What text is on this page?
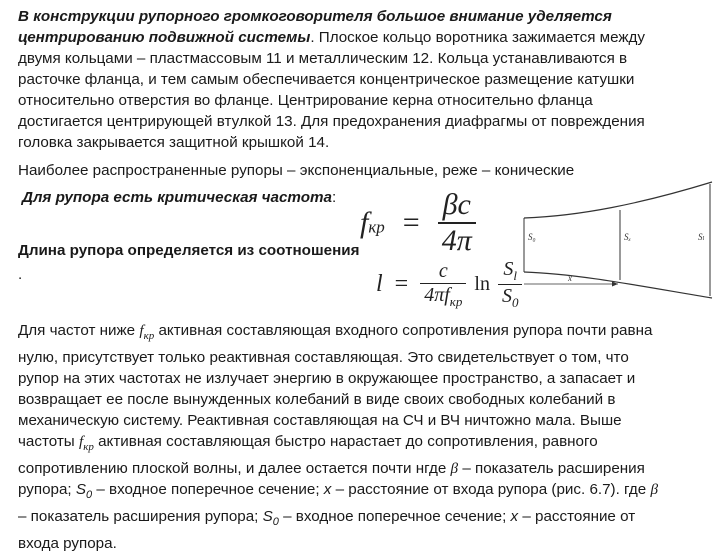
В конструкции рупорного громкоговорителя большое внимание уделяется

центрированию подвижной системы. Плоское кольцо воротника зажимается между

двумя кольцами – пластмассовым 11 и металлическим 12. Кольца устанавливаются в

расточке фланца, и тем самым обеспечивается концентрическое размещение катушки

относительно отверстия во фланце. Центрирование керна относительно фланца

достигается центрирующей втулкой 13. Для предохранения диафрагмы от повреждения

головка закрывается защитной крышкой 14.

Наиболее распространенные рупоры – экспоненциальные, реже – конические
Для рупора есть критическая частота:
$f_{кр} = \frac{\beta c}{4\pi}$
Длина рупора определяется из соотношения
.	$l = \frac{c}{4\pi f_{кр}}$ $\ln \frac{S_l}{S_0}$
S₀	Sₓ	Sₗ
x

Для частот ниже $f_{кр}$ активная составляющая входного сопротивления рупора почти равна

нулю, присутствует только реактивная составляющая. Это свидетельствует о том, что

рупор на этих частотах не излучает энергию в окружающее пространство, а запасает и

возвращает ее после вынужденных колебаний в виде своих свободных колебаний в

механическую систему. Реактивная составляющая на СЧ и ВЧ ничтожно мала. Выше

частоты $f_{кр}$ активная составляющая быстро нарастает до сопротивления, равного

сопротивлению плоской волны, и далее остается почти нгде β – показатель расширения

рупора; $S_0$ – входное поперечное сечение; x – расстояние от входа рупора (рис. 6.7). где β

– показатель расширения рупора; $S_0$ – входное поперечное сечение; x – расстояние от

входа рупора.
